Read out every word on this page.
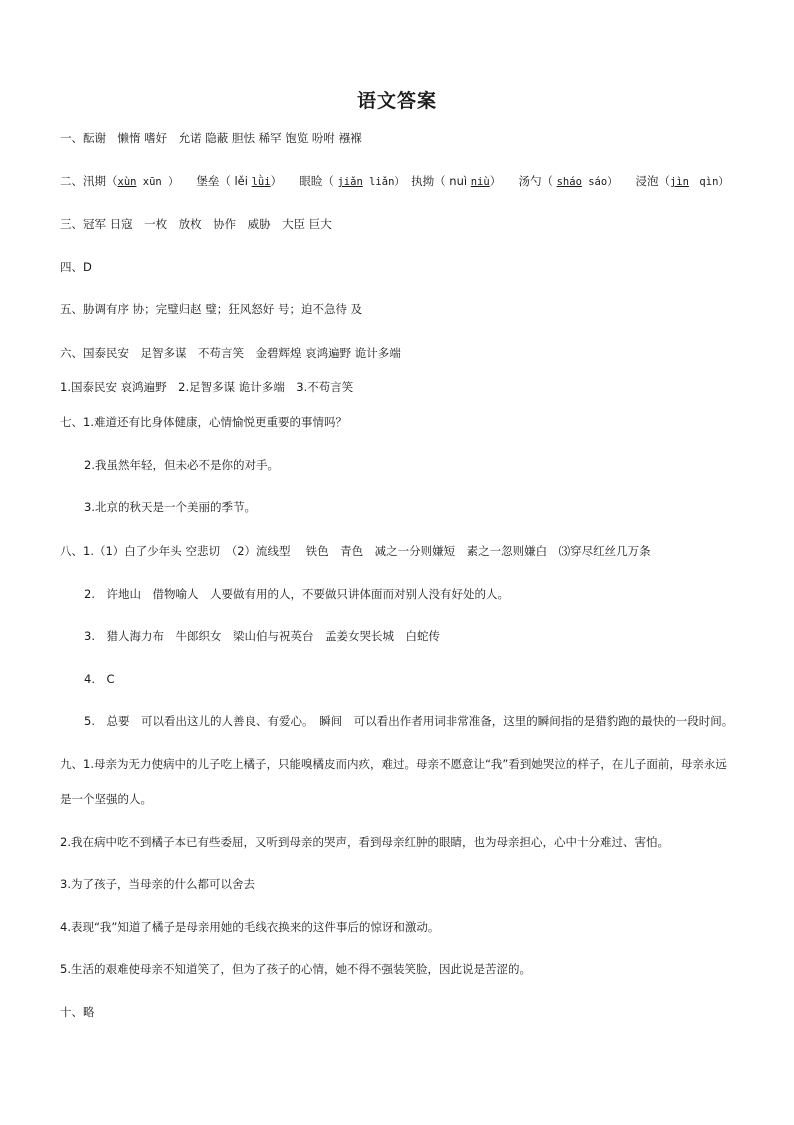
语文答案
一、酝谢　懒惰 嗜好　允诺 隐蔽 胆怯 稀罕 饱览 吩咐 襁褓
二、汛期（xùn xūn ）　　堡垒（ lěi lǜi）　　眼睑（ jiǎn liǎn）　执拗（ nuì niù）　　汤勺（ sháo sáo）　　浸泡（jìn　qìn）
三、冠军 日寇　一枚　放枚　协作　威胁　大臣 巨大
四、D
五、胁调有序 协；完璧归赵 璧；狂风怒好 号；迫不急待 及
六、国泰民安　足智多谋　不苟言笑　金碧辉煌 哀鸿遍野 诡计多端
1.国泰民安 哀鸿遍野　2.足智多谋 诡计多端　3.不苟言笑
七、1.难道还有比身体健康，心情愉悦更重要的事情吗？
2.我虽然年轻，但未必不是你的对手。
3.北京的秋天是一个美丽的季节。
八、1.（1）白了少年头 空悲切　（2）流线型　 铁色　青色　减之一分则嫌短　素之一忽则嫌白　⑶穿尽红丝几万条
2.　许地山　借物喻人　人要做有用的人，不要做只讲体面而对别人没有好处的人。
3.　猎人海力布　牛郎织女　梁山伯与祝英台　孟姜女哭长城　白蛇传
4.　C
5.　总要　可以看出这儿的人善良、有爱心。　瞬间　可以看出作者用词非常准备，这里的瞬间指的是猎豹跑的最快的一段时间。
九、1.母亲为无力使病中的儿子吃上橘子，只能嗅橘皮而内疚，难过。母亲不愿意让“我”看到她哭泣的样子，在儿子面前，母亲永远
是一个坚强的人。
2.我在病中吃不到橘子本已有些委屈，又听到母亲的哭声，看到母亲红肿的眼睛，也为母亲担心，心中十分难过、害怕。
3.为了孩子，当母亲的什么都可以舍去
4.表现“我”知道了橘子是母亲用她的毛线衣换来的这件事后的惊讶和激动。
5.生活的艰难使母亲不知道笑了，但为了孩子的心情，她不得不强装笑脸，因此说是苦涩的。
十、略
